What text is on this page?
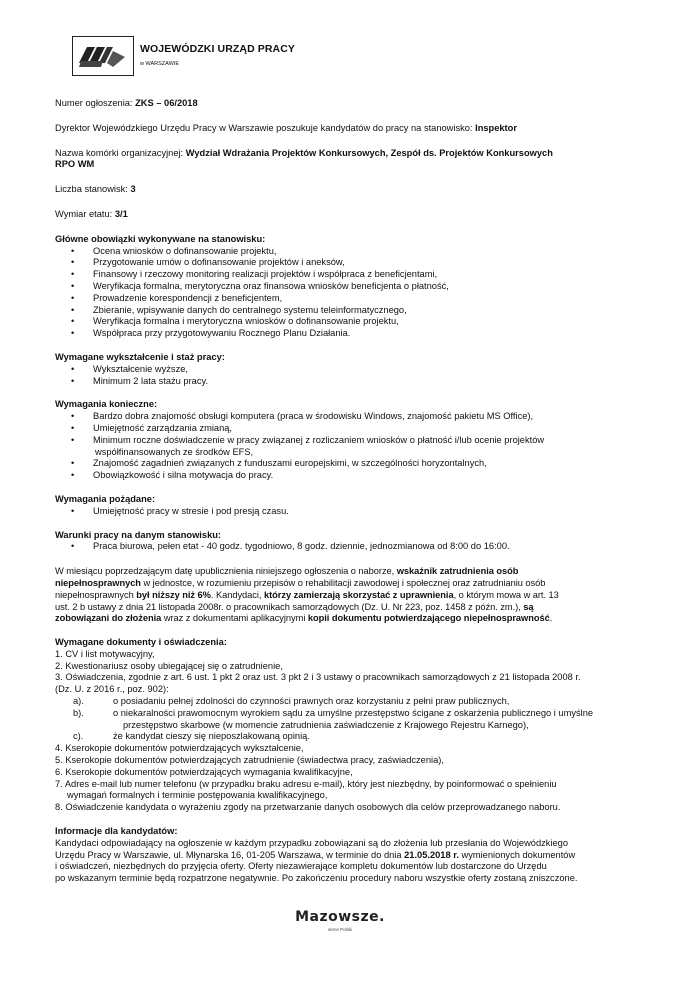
WOJEWÓDZKI URZĄD PRACY
w WARSZAWIE

Numer ogłoszenia: ZKS – 06/2018

Dyrektor Wojewódzkiego Urzędu Pracy w Warszawie poszukuje kandydatów do pracy na stanowisko: Inspektor

Nazwa komórki organizacyjnej: Wydział Wdrażania Projektów Konkursowych, Zespół ds. Projektów Konkursowych

RPO WM

Liczba stanowisk: 3

Wymiar etatu: 3/1

Główne obowiązki wykonywane na stanowisku:

• Ocena wniosków o dofinansowanie projektu,
• Przygotowanie umów o dofinansowanie projektów i aneksów,
• Finansowy i rzeczowy monitoring realizacji projektów i współpraca z beneficjentami,
• Weryfikacja formalna, merytoryczna oraz finansowa wniosków beneficjenta o płatność,
• Prowadzenie korespondencji z beneficjentem,
• Zbieranie, wpisywanie danych do centralnego systemu teleinformatycznego,
• Weryfikacja formalna i merytoryczna wniosków o dofinansowanie projektu,
• Współpraca przy przygotowywaniu Rocznego Planu Działania.

Wymagane wykształcenie i staż pracy:

• Wykształcenie wyższe,
• Minimum 2 lata stażu pracy.

Wymagania konieczne:

• Bardzo dobra znajomość obsługi komputera (praca w środowisku Windows, znajomość pakietu MS Office),
• Umiejętność zarządzania zmianą,
• Minimum roczne doświadczenie w pracy związanej z rozliczaniem wniosków o płatność i/lub ocenie projektów
współfinansowanych ze środków EFS,
• Znajomość zagadnień związanych z funduszami europejskimi, w szczególności horyzontalnych,
• Obowiązkowość i silna motywacja do pracy.

Wymagania pożądane:

• Umiejętność pracy w stresie i pod presją czasu.

Warunki pracy na danym stanowisku:

• Praca biurowa, pełen etat - 40 godz. tygodniowo, 8 godz. dziennie, jednozmianowa od 8:00 do 16:00.

W miesiącu poprzedzającym datę upublicznienia niniejszego ogłoszenia o naborze, wskaźnik zatrudnienia osób

niepełnosprawnych w jednostce, w rozumieniu przepisów o rehabilitacji zawodowej i społecznej oraz zatrudnianiu osób

niepełnosprawnych był niższy niż 6%. Kandydaci, którzy zamierzają skorzystać z uprawnienia, o którym mowa w art. 13

ust. 2 b ustawy z dnia 21 listopada 2008r. o pracownikach samorządowych (Dz. U. Nr 223, poz. 1458 z późn. zm.), są

zobowiązani do złożenia wraz z dokumentami aplikacyjnymi kopii dokumentu potwierdzającego niepełnosprawność.

Wymagane dokumenty i oświadczenia:

1. CV i list motywacyjny,

2. Kwestionariusz osoby ubiegającej się o zatrudnienie,

3. Oświadczenia, zgodnie z art. 6 ust. 1 pkt 2 oraz ust. 3 pkt 2 i 3 ustawy o pracownikach samorządowych z 21 listopada 2008 r.

(Dz. U. z 2016 r., poz. 902):

a).	o posiadaniu pełnej zdolności do czynności prawnych oraz korzystaniu z pełni praw publicznych,
b).	o niekaralności prawomocnym wyrokiem sądu za umyślne przestępstwo ścigane z oskarżenia publicznego i umyślne
przestępstwo skarbowe (w momencie zatrudnienia zaświadczenie z Krajowego Rejestru Karnego),
c).	że kandydat cieszy się nieposzlakowaną opinią.

4. Kserokopie dokumentów potwierdzających wykształcenie,

5. Kserokopie dokumentów potwierdzających zatrudnienie (świadectwa pracy, zaświadczenia),

6. Kserokopie dokumentów potwierdzających wymagania kwalifikacyjne,

7. Adres e-mail lub numer telefonu (w przypadku braku adresu e-mail), który jest niezbędny, by poinformować o spełnieniu

wymagań formalnych i terminie postępowania kwalifikacyjnego,

8. Oświadczenie kandydata o wyrażeniu zgody na przetwarzanie danych osobowych dla celów przeprowadzanego naboru.

Informacje dla kandydatów:

Kandydaci odpowiadający na ogłoszenie w każdym przypadku zobowiązani są do złożenia lub przesłania do Wojewódzkiego

Urzędu Pracy w Warszawie, ul. Młynarska 16, 01-205 Warszawa, w terminie do dnia 21.05.2018 r. wymienionych dokumentów

i oświadczeń, niezbędnych do przyjęcia oferty. Oferty niezawierające kompletu dokumentów lub dostarczone do Urzędu

po wskazanym terminie będą rozpatrzone negatywnie. Po zakończeniu procedury naboru wszystkie oferty zostaną zniszczone.

Mazowsze.
serce Polski
